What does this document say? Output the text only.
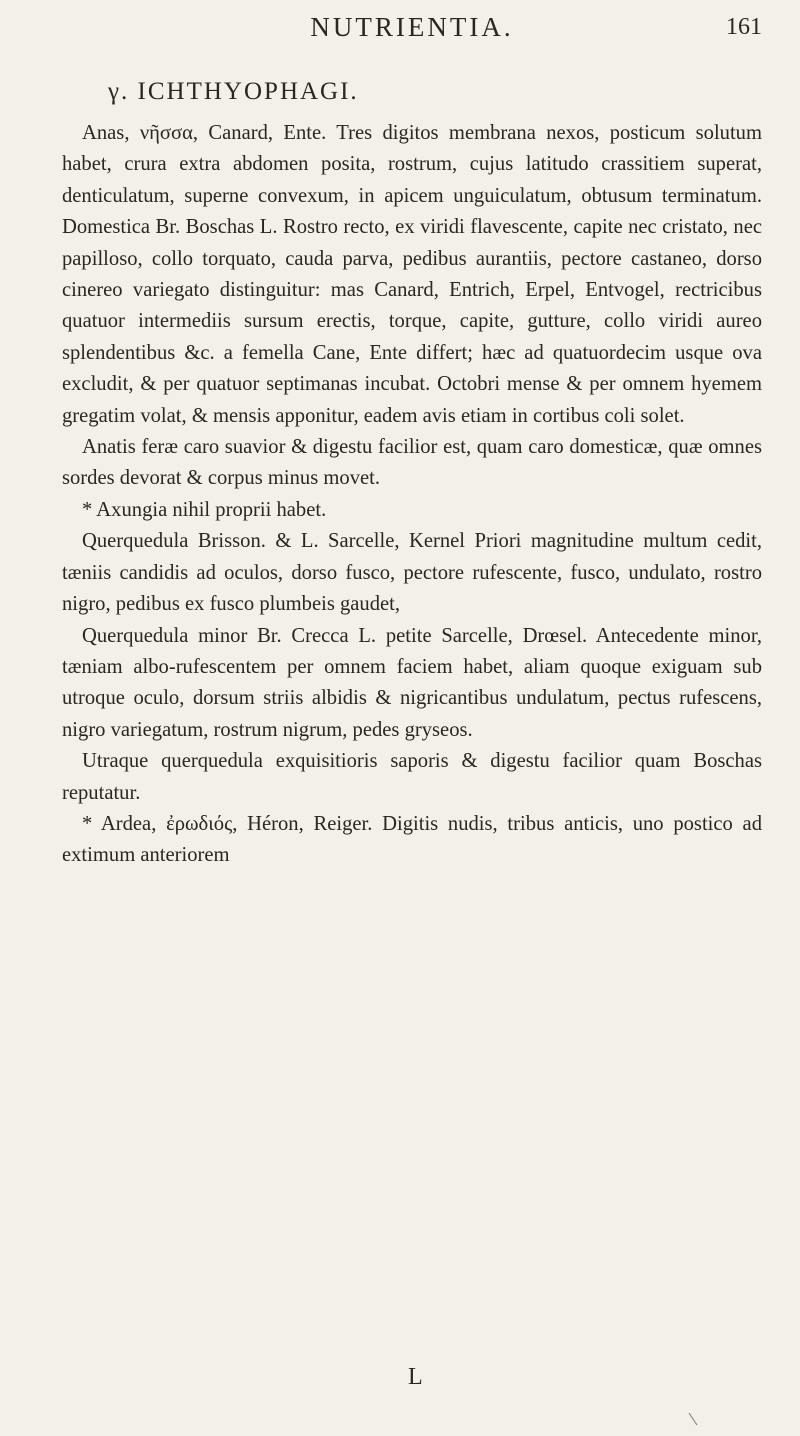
NUTRIENTIA.	161
γ. ICHTHYOPHAGI.

Anas, νῆσσα, Canard, Ente. Tres digitos membrana nexos, posticum solutum habet, crura extra abdomen posita, rostrum, cujus latitudo crassitiem superat, denticulatum, superne convexum, in apicem unguiculatum, obtusum terminatum. Domestica Br. Boschas L. Rostro recto, ex viridi flavescente, capite nec cristato, nec papilloso, collo torquato, cauda parva, pedibus aurantiis, pectore castaneo, dorso cinereo variegato distinguitur: mas Canard, Entrich, Erpel, Entvogel, rectricibus quatuor intermediis sursum erectis, torque, capite, gutture, collo viridi aureo splendentibus &c. a femella Cane, Ente differt; hæc ad quatuordecim usque ova excludit, & per quatuor septimanas incubat. Octobri mense & per omnem hyemem gregatim volat, & mensis apponitur, eadem avis etiam in cortibus coli solet.

Anatis feræ caro suavior & digestu facilior est, quam caro domesticæ, quæ omnes sordes devorat & corpus minus movet.

* Axungia nihil proprii habet.

Querquedula Brisson. & L. Sarcelle, Kernel Priori magnitudine multum cedit, tæniis candidis ad oculos, dorso fusco, pectore rufescente, fusco, undulato, rostro nigro, pedibus ex fusco plumbeis gaudet,

Querquedula minor Br. Crecca L. petite Sarcelle, Drœsel. Antecedente minor, tæniam albo-rufescentem per omnem faciem habet, aliam quoque exiguam sub utroque oculo, dorsum striis albidis & nigricantibus undulatum, pectus rufescens, nigro variegatum, rostrum nigrum, pedes gryseos.

Utraque querquedula exquisitioris saporis & digestu facilior quam Boschas reputatur.

* Ardea, ἐρωδιός, Héron, Reiger. Digitis nudis, tribus anticis, uno postico ad extimum anteriorem

L
